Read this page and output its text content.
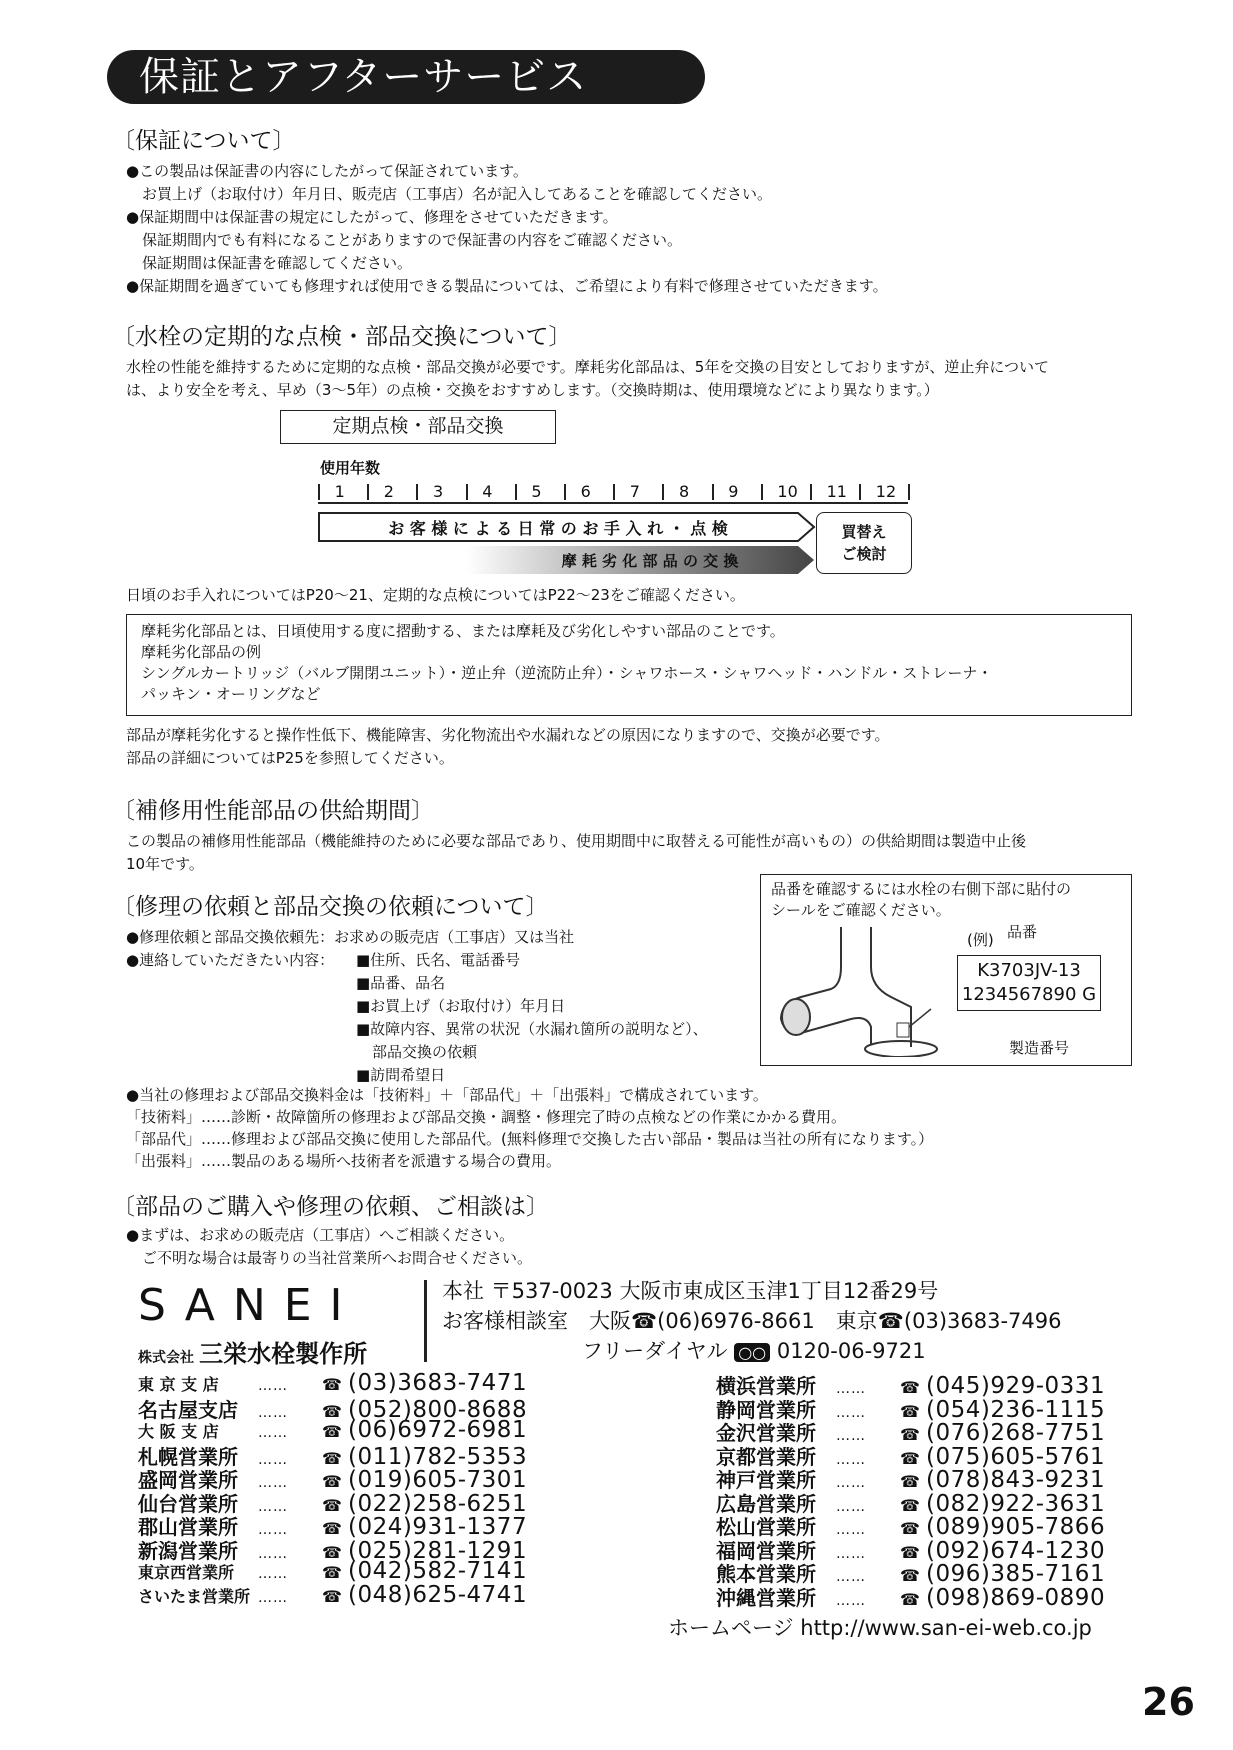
保証とアフターサービス
〔保証について〕
●この製品は保証書の内容にしたがって保証されています。
お買上げ（お取付け）年月日、販売店（工事店）名が記入してあることを確認してください。
●保証期間中は保証書の規定にしたがって、修理をさせていただきます。
保証期間内でも有料になることがありますので保証書の内容をご確認ください。
保証期間は保証書を確認してください。
●保証期間を過ぎていても修理すれば使用できる製品については、ご希望により有料で修理させていただきます。
〔水栓の定期的な点検・部品交換について〕
水栓の性能を維持するために定期的な点検・部品交換が必要です。摩耗劣化部品は、5年を交換の目安としておりますが、逆止弁について
は、より安全を考え、早め（3～5年）の点検・交換をおすすめします。（交換時期は、使用環境などにより異なります。）
定期点検・部品交換
使用年数
1 2 3 4 5 6 7 8 9 10 11 12
お 客 様 に よ る 日 常 の お 手 入 れ ・ 点 検
摩 耗 劣 化 部 品 の 交 換
買替え
ご検討
日頃のお手入れについてはP20～21、定期的な点検についてはP22～23をご確認ください。
摩耗劣化部品とは、日頃使用する度に摺動する、または摩耗及び劣化しやすい部品のことです。
摩耗劣化部品の例
シングルカートリッジ（バルブ開閉ユニット）・逆止弁（逆流防止弁）・シャワホース・シャワヘッド・ハンドル・ストレーナ・
パッキン・オーリングなど
部品が摩耗劣化すると操作性低下、機能障害、劣化物流出や水漏れなどの原因になりますので、交換が必要です。
部品の詳細についてはP25を参照してください。
〔補修用性能部品の供給期間〕
この製品の補修用性能部品（機能維持のために必要な部品であり、使用期間中に取替える可能性が高いもの）の供給期間は製造中止後
10年です。
〔修理の依頼と部品交換の依頼について〕
●修理依頼と部品交換依頼先：お求めの販売店（工事店）又は当社
●連絡していただきたい内容： ■住所、氏名、電話番号
■品番、品名
■お買上げ（お取付け）年月日
■故障内容、異常の状況（水漏れ箇所の説明など）、
部品交換の依頼
■訪問希望日
品番を確認するには水栓の右側下部に貼付の
シールをご確認ください。
(例) 品番
K3703JV-13
1234567890 G
製造番号
●当社の修理および部品交換料金は「技術料」＋「部品代」＋「出張料」で構成されています。
「技術料」……診断・故障箇所の修理および部品交換・調整・修理完了時の点検などの作業にかかる費用。
「部品代」……修理および部品交換に使用した部品代。(無料修理で交換した古い部品・製品は当社の所有になります。）
「出張料」……製品のある場所へ技術者を派遣する場合の費用。
〔部品のご購入や修理の依頼、ご相談は〕
●まずは、お求めの販売店（工事店）へご相談ください。
ご不明な場合は最寄りの当社営業所へお問合せください。
SANEI
株式会社 三栄水栓製作所
本社 〒537-0023 大阪市東成区玉津1丁目12番29号
お客様相談室　 大阪☎(06)6976-8661　 東京☎(03)3683-7496
フリーダイヤル ○○ 0120-06-9721
東 京 支 店	…… ☎ (03)3683-7471
名古屋支店 …… ☎ (052)800-8688
大 阪 支 店	…… ☎ (06)6972-6981
札幌営業所 …… ☎ (011)782-5353
盛岡営業所 …… ☎ (019)605-7301
仙台営業所 …… ☎ (022)258-6251
郡山営業所 …… ☎ (024)931-1377
新潟営業所 …… ☎ (025)281-1291
東京西営業所 …… ☎ (042)582-7141
さいたま営業所 …… ☎ (048)625-4741
横浜営業所 …… ☎ (045)929-0331
静岡営業所 …… ☎ (054)236-1115
金沢営業所 …… ☎ (076)268-7751
京都営業所 …… ☎ (075)605-5761
神戸営業所 …… ☎ (078)843-9231
広島営業所 …… ☎ (082)922-3631
松山営業所 …… ☎ (089)905-7866
福岡営業所 …… ☎ (092)674-1230
熊本営業所 …… ☎ (096)385-7161
沖縄営業所 …… ☎ (098)869-0890
ホームページ http://www.san-ei-web.co.jp
26
